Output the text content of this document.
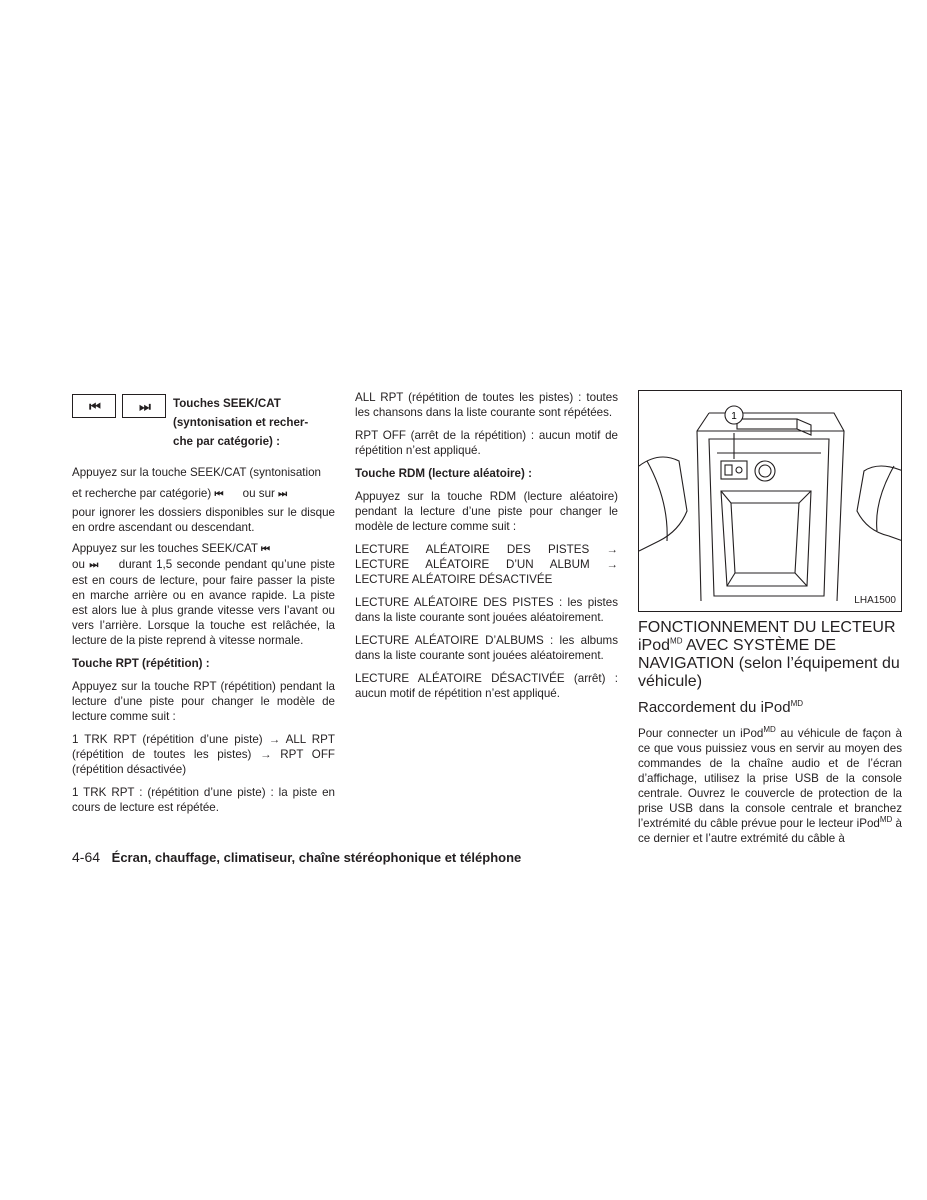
⏮	⏭ Touches SEEK/CAT
(syntonisation et recher-
che par catégorie) :

Appuyez sur la touche SEEK/CAT (syntonisation
et recherche par catégorie) ⏮ ou sur ⏭
pour ignorer les dossiers disponibles sur le disque en ordre ascendant ou descendant.

Appuyez sur les touches SEEK/CAT ⏮
ou ⏭ durant 1,5 seconde pendant qu’une piste est en cours de lecture, pour faire passer la piste en marche arrière ou en avance rapide. La piste est alors lue à plus grande vitesse vers l’avant ou vers l’arrière. Lorsque la touche est relâchée, la lecture de la piste reprend à vitesse normale.

Touche RPT (répétition) :

Appuyez sur la touche RPT (répétition) pendant la lecture d’une piste pour changer le modèle de lecture comme suit :

1 TRK RPT (répétition d’une piste) → ALL RPT (répétition de toutes les pistes) → RPT OFF (répétition désactivée)

1 TRK RPT : (répétition d’une piste) : la piste en cours de lecture est répétée.

ALL RPT (répétition de toutes les pistes) : toutes les chansons dans la liste courante sont répétées.

RPT OFF (arrêt de la répétition) : aucun motif de répétition n’est appliqué.

Touche RDM (lecture aléatoire) :

Appuyez sur la touche RDM (lecture aléatoire) pendant la lecture d’une piste pour changer le modèle de lecture comme suit :

LECTURE ALÉATOIRE DES PISTES → LECTURE ALÉATOIRE D’UN ALBUM → LECTURE ALÉATOIRE DÉSACTIVÉE

LECTURE ALÉATOIRE DES PISTES : les pistes dans la liste courante sont jouées aléatoirement.

LECTURE ALÉATOIRE D’ALBUMS : les albums dans la liste courante sont jouées aléatoirement.

LECTURE ALÉATOIRE DÉSACTIVÉE (arrêt) : aucun motif de répétition n’est appliqué.

1
LHA1500
FONCTIONNEMENT DU LECTEUR iPod$^{MD}$ AVEC SYSTÈME DE NAVIGATION (selon l’équipement du véhicule)
Raccordement du iPod$^{MD}$

Pour connecter un iPod$^{MD}$ au véhicule de façon à ce que vous puissiez vous en servir au moyen des commandes de la chaîne audio et de l’écran d’affichage, utilisez la prise USB de la console centrale. Ouvrez le couvercle de protection de la prise USB dans la console centrale et branchez l’extrémité du câble prévue pour le lecteur iPod$^{MD}$ à ce dernier et l’autre extrémité du câble à

4-64 Écran, chauffage, climatiseur, chaîne stéréophonique et téléphone
